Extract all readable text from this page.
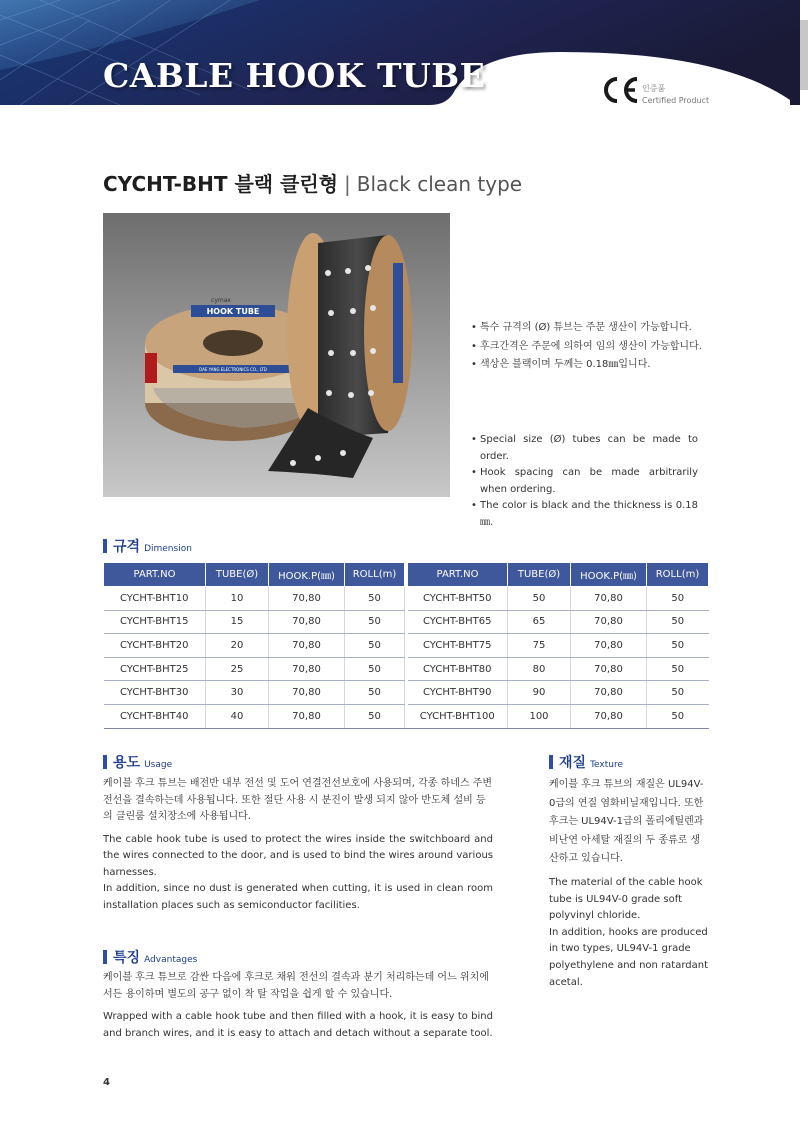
CABLE HOOK TUBE	인증품
Certified Product
CYCHT-BHT 블랙 클린형 | Black clean type
HOOK TUBE
cymax
DAE YANG ELECTRONICS CO., LTD
• 특수 규격의 (Ø) 튜브는 주문 생산이 가능합니다.
• 후크간격은 주문에 의하여 임의 생산이 가능합니다.
• 색상은 블랙이며 두께는 0.18㎜입니다.
• Special size (Ø) tubes can be made to order.
• Hook spacing can be made arbitrarily when ordering.
• The color is black and the thickness is 0.18㎜.
규격 Dimension
PART.NO	TUBE(Ø)	HOOK.P(㎜)	ROLL(m)		PART.NO	TUBE(Ø)	HOOK.P(㎜)	ROLL(m)
CYCHT-BHT10	10	70,80	50		CYCHT-BHT50	50	70,80	50
CYCHT-BHT15	15	70,80	50		CYCHT-BHT65	65	70,80	50
CYCHT-BHT20	20	70,80	50		CYCHT-BHT75	75	70,80	50
CYCHT-BHT25	25	70,80	50		CYCHT-BHT80	80	70,80	50
CYCHT-BHT30	30	70,80	50		CYCHT-BHT90	90	70,80	50
CYCHT-BHT40	40	70,80	50		CYCHT-BHT100	100	70,80	50
용도 Usage

케이블 후크 튜브는 배전반 내부 전선 및 도어 연결전선보호에 사용되며, 각종 하네스 주변 전선을 결속하는데 사용됩니다. 또한 절단 사용 시 분진이 발생 되지 않아 반도체 설비 등의 클린룸 설치장소에 사용됩니다.

The cable hook tube is used to protect the wires inside the switchboard and the wires connected to the door, and is used to bind the wires around various harnesses.

In addition, since no dust is generated when cutting, it is used in clean room installation places such as semiconductor facilities.

특징 Advantages

케이블 후크 튜브로 감싼 다음에 후크로 채워 전선의 결속과 분기 처리하는데 어느 위치에서든 용이하며 별도의 공구 없이 착 탈 작업을 쉽게 할 수 있습니다.

Wrapped with a cable hook tube and then filled with a hook, it is easy to bind and branch wires, and it is easy to attach and detach without a separate tool.

재질 Texture

케이블 후크 튜브의 재질은 UL94V-0급의 연질 염화비닐재입니다. 또한 후크는 UL94V-1급의 폴리에틸렌과 비난연 아세탈 재질의 두 종류로 생산하고 있습니다.

The material of the cable hook tube is UL94V-0 grade soft polyvinyl chloride.

In addition, hooks are produced in two types, UL94V-1 grade polyethylene and non ratardant acetal.

4
